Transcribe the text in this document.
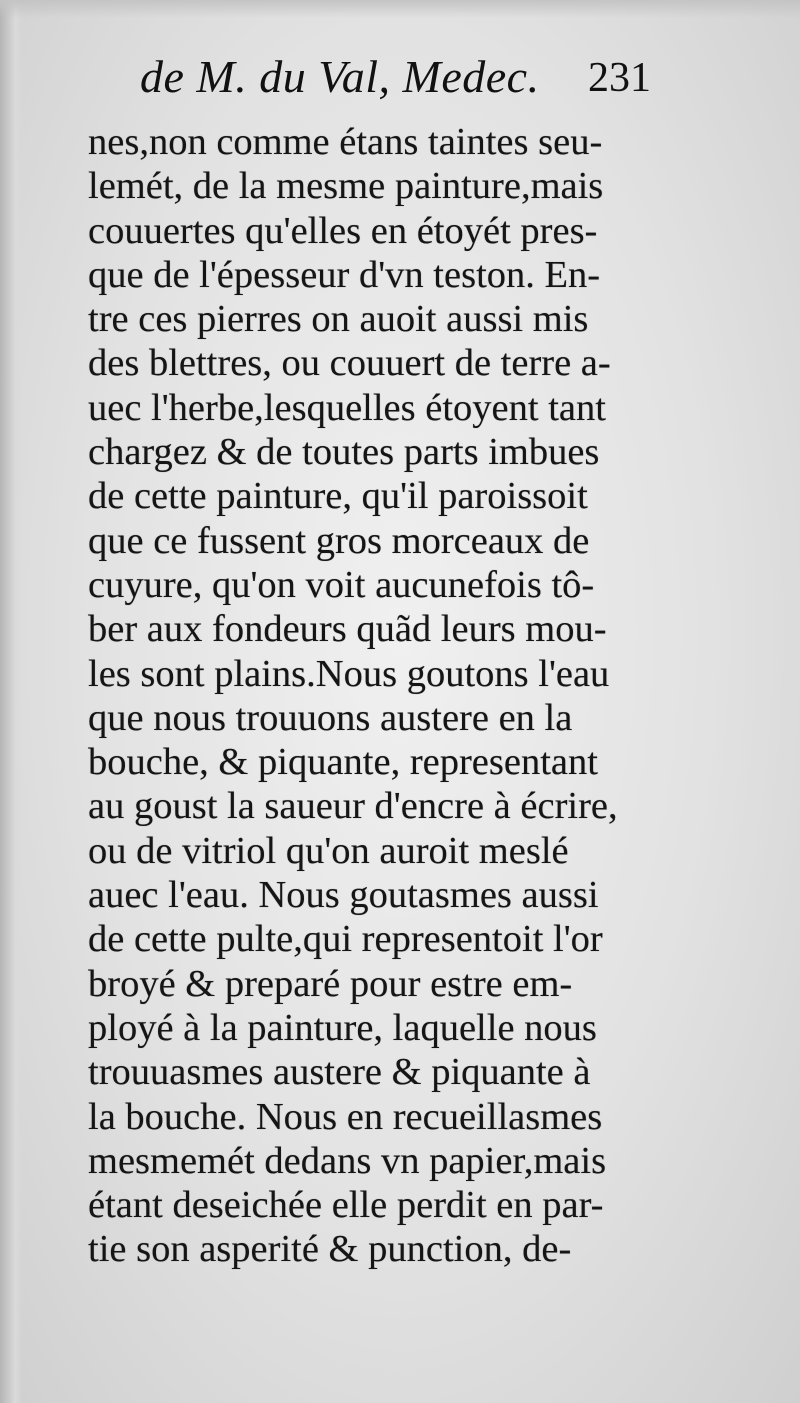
de M. du Val, Medec. 231
nes,non comme étans taintes seu-
lemét, de la mesme painture,mais
couuertes qu'elles en étoyét pres-
que de l'épesseur d'vn teston. En-
tre ces pierres on auoit aussi mis
des blettres, ou couuert de terre a-
uec l'herbe,lesquelles étoyent tant
chargez & de toutes parts imbues
de cette painture, qu'il paroissoit
que ce fussent gros morceaux de
cuyure, qu'on voit aucunefois tô-
ber aux fondeurs quãd leurs mou-
les sont plains.Nous goutons l'eau
que nous trouuons austere en la
bouche, & piquante, representant
au goust la saueur d'encre à écrire,
ou de vitriol qu'on auroit meslé
auec l'eau. Nous goutasmes aussi
de cette pulte,qui representoit l'or
broyé & preparé pour estre em-
ployé à la painture, laquelle nous
trouuasmes austere & piquante à
la bouche. Nous en recueillasmes
mesmemét dedans vn papier,mais
étant deseichée elle perdit en par-
tie son asperité & punction, de-
